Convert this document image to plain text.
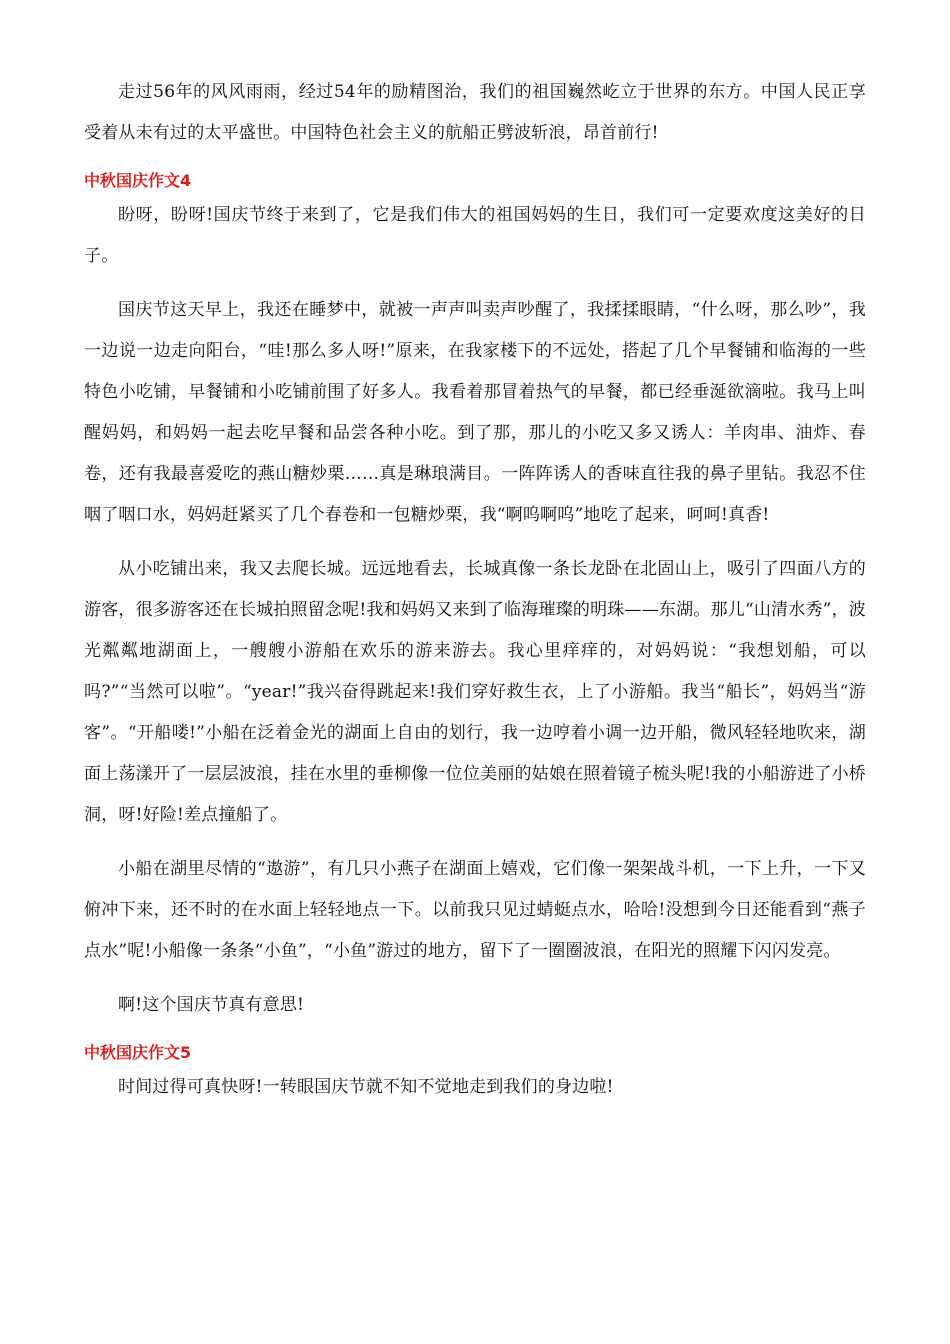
走过56年的风风雨雨，经过54年的励精图治，我们的祖国巍然屹立于世界的东方。中国人民正享受着从未有过的太平盛世。中国特色社会主义的航船正劈波斩浪，昂首前行!

中秋国庆作文4

盼呀，盼呀!国庆节终于来到了，它是我们伟大的祖国妈妈的生日，我们可一定要欢度这美好的日子。

国庆节这天早上，我还在睡梦中，就被一声声叫卖声吵醒了，我揉揉眼睛，“什么呀，那么吵”，我一边说一边走向阳台，“哇!那么多人呀!”原来，在我家楼下的不远处，搭起了几个早餐铺和临海的一些特色小吃铺，早餐铺和小吃铺前围了好多人。我看着那冒着热气的早餐，都已经垂涎欲滴啦。我马上叫醒妈妈，和妈妈一起去吃早餐和品尝各种小吃。到了那，那儿的小吃又多又诱人：羊肉串、油炸、春卷，还有我最喜爱吃的燕山糖炒栗……真是琳琅满目。一阵阵诱人的香味直往我的鼻子里钻。我忍不住咽了咽口水，妈妈赶紧买了几个春卷和一包糖炒栗，我“啊呜啊呜”地吃了起来，呵呵!真香!

从小吃铺出来，我又去爬长城。远远地看去，长城真像一条长龙卧在北固山上，吸引了四面八方的游客，很多游客还在长城拍照留念呢!我和妈妈又来到了临海璀璨的明珠——东湖。那儿“山清水秀”，波光粼粼地湖面上，一艘艘小游船在欢乐的游来游去。我心里痒痒的，对妈妈说：“我想划船，可以吗?”“当然可以啦”。“year!”我兴奋得跳起来!我们穿好救生衣，上了小游船。我当“船长”，妈妈当“游客”。“开船喽!”小船在泛着金光的湖面上自由的划行，我一边哼着小调一边开船，微风轻轻地吹来，湖面上荡漾开了一层层波浪，挂在水里的垂柳像一位位美丽的姑娘在照着镜子梳头呢!我的小船游进了小桥洞，呀!好险!差点撞船了。

小船在湖里尽情的“遨游”，有几只小燕子在湖面上嬉戏，它们像一架架战斗机，一下上升，一下又俯冲下来，还不时的在水面上轻轻地点一下。以前我只见过蜻蜓点水，哈哈!没想到今日还能看到“燕子点水”呢!小船像一条条“小鱼”，“小鱼”游过的地方，留下了一圈圈波浪，在阳光的照耀下闪闪发亮。

啊!这个国庆节真有意思!

中秋国庆作文5

时间过得可真快呀!一转眼国庆节就不知不觉地走到我们的身边啦!
